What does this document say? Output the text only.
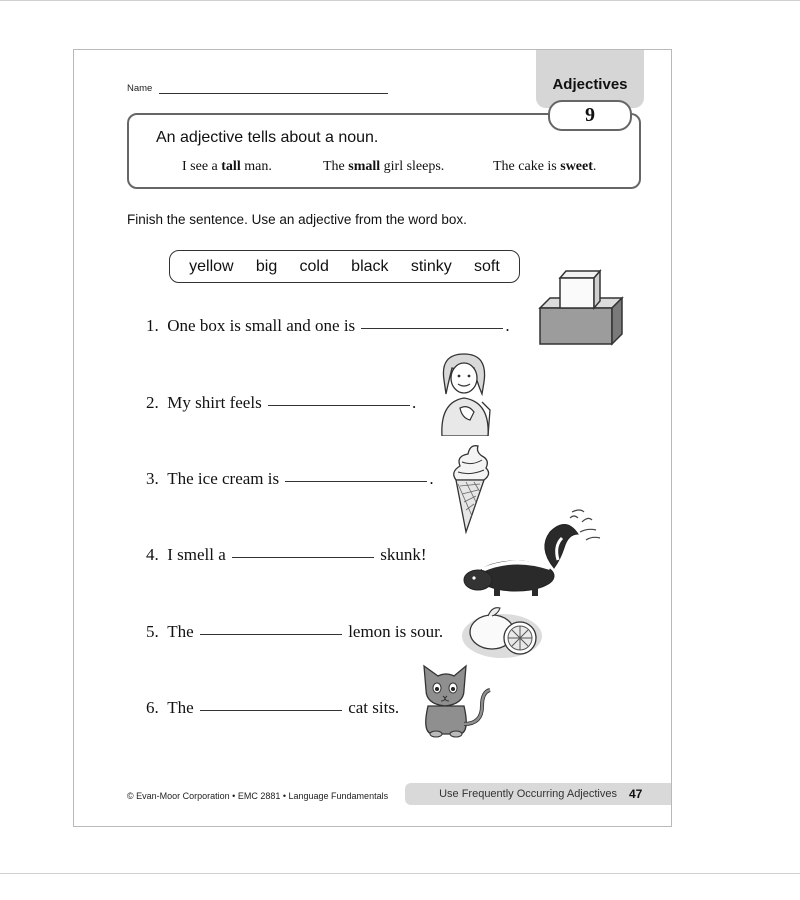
Name	Adjectives
An adjective tells about a noun.
I see a tall man.	The small girl sleeps.	The cake is sweet.
9
Finish the sentence. Use an adjective from the word box.
yellow big cold black stinky soft
1. One box is small and one is	.
2. My shirt feels	.
3. The ice cream is	.
4. I smell a	skunk!
5. The	lemon is sour.
6. The	cat sits.
© Evan-Moor Corporation • EMC 2881 • Language Fundamentals	Use Frequently Occurring Adjectives 47
